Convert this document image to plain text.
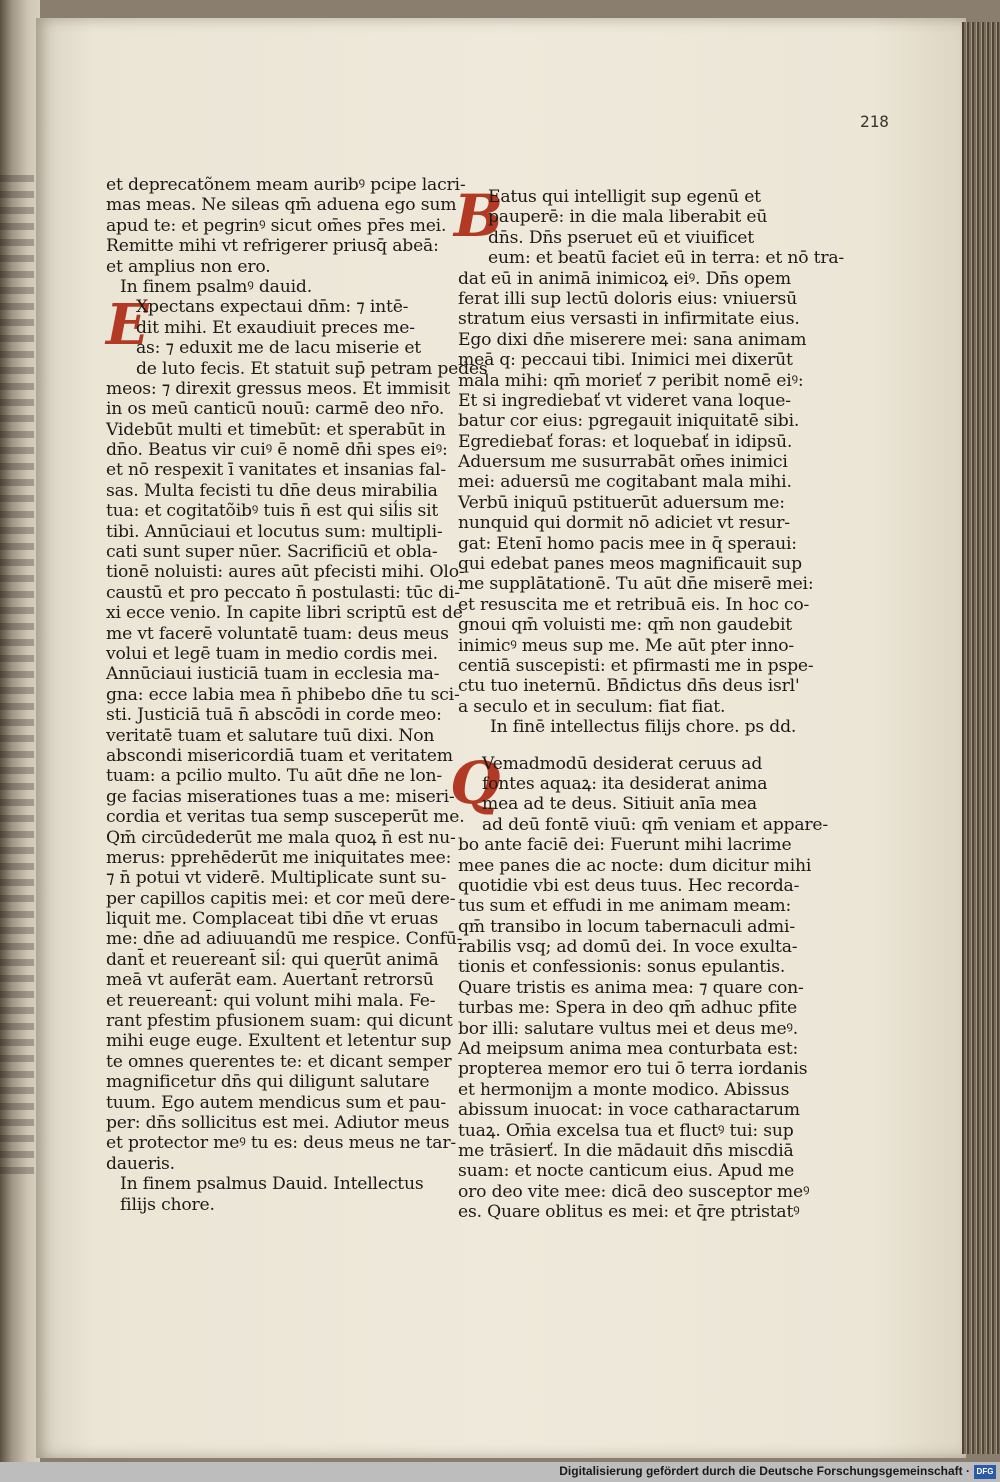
218
et deprecatõnem meam auribꝰ pcipe lacri-
mas meas. Ne sileas qm̄ aduena ego sum
apud te: et pegrinꝰ sicut om̄es pr̄es mei.
Remitte mihi vt refrigerer priusq̄ abeā:
et amplius non ero.
In finem psalmꝰ dauid.
E
Xpectans expectaui dn̄m: ⁊ intē-
dit mihi. Et exaudiuit preces me-
as: ⁊ eduxit me de lacu miserie et
de luto fecis. Et statuit sup̄ petram pedes
meos: ⁊ direxit gressus meos. Et immisit
in os meū canticū nouū: carmē deo nr̄o.
Videbūt multi et timebūt: et sperabūt in
dn̄o. Beatus vir cuiꝰ ē nomē dn̄i spes eiꝰ:
et nō respexit ī vanitates et insanias fal-
sas. Multa fecisti tu dn̄e deus mirabilia
tua: et cogitatõibꝰ tuis n̄ est qui siĺis sit
tibi. Annūciaui et locutus sum: multipli-
cati sunt super nūer. Sacrificiū et obla-
tionē noluisti: aures aūt pfecisti mihi. Olo-
caustū et pro peccato n̄ postulasti: tūc di-
xi ecce venio. In capite libri scriptū est de
me vt facerē voluntatē tuam: deus meus
volui et legē tuam in medio cordis mei.
Annūciaui iusticiā tuam in ecclesia ma-
gna: ecce labia mea n̄ phibebo dn̄e tu sci-
sti. Justiciā tuā n̄ abscōdi in corde meo:
veritatē tuam et salutare tuū dixi. Non
abscondi misericordiā tuam et veritatem
tuam: a pcilio multo. Tu aūt dn̄e ne lon-
ge facias miserationes tuas a me: miseri-
cordia et veritas tua semp susceperūt me.
Qm̄ circūdederūt me mala quoꝝ n̄ est nu-
merus: pprehēderūt me iniquitates mee:
⁊ n̄ potui vt viderē. Multiplicate sunt su-
per capillos capitis mei: et cor meū dere-
liquit me. Complaceat tibi dn̄e vt eruas
me: dn̄e ad adiuuandū me respice. Confū-
dant̄ et reuereant̄ siĺ: qui querūt animā
meā vt auferāt eam. Auertant̄ retrorsū
et reuereant̄: qui volunt mihi mala. Fe-
rant pfestim pfusionem suam: qui dicunt
mihi euge euge. Exultent et letentur sup
te omnes querentes te: et dicant semper
magnificetur dn̄s qui diligunt salutare
tuum. Ego autem mendicus sum et pau-
per: dn̄s sollicitus est mei. Adiutor meus
et protector meꝰ tu es: deus meus ne tar-
daueris.
In finem psalmus Dauid. Intellectus
filijs chore.
B
Eatus qui intelligit sup egenū et
pauperē: in die mala liberabit eū
dn̄s. Dn̄s pseruet eū et viuificet
eum: et beatū faciet eū in terra: et nō tra-
dat eū in animā inimicoꝝ eiꝰ. Dn̄s opem
ferat illi sup lectū doloris eius: vniuersū
stratum eius versasti in infirmitate eius.
Ego dixi dn̄e miserere mei: sana animam
meā q: peccaui tibi. Inimici mei dixerūt
mala mihi: qm̄ morieť ⁊ peribit nomē eiꝰ:
Et si ingrediebať vt videret vana loque-
batur cor eius: pgregauit iniquitatē sibi.
Egrediebať foras: et loquebať in idipsū.
Aduersum me susurrabāt om̄es inimici
mei: aduersū me cogitabant mala mihi.
Verbū iniquū pstituerūt aduersum me:
nunquid qui dormit nō adiciet vt resur-
gat: Etenī homo pacis mee in q̄ speraui:
qui edebat panes meos magnificauit sup
me supplātationē. Tu aūt dn̄e miserē mei:
et resuscita me et retribuā eis. In hoc co-
gnoui qm̄ voluisti me: qm̄ non gaudebit
inimicꝰ meus sup me. Me aūt pter inno-
centiā suscepisti: et pfirmasti me in pspe-
ctu tuo ineternū. Bn̄dictus dn̄s deus isrl'
a seculo et in seculum: fiat fiat.
In finē intellectus filijs chore. ps dd.
Q
Vemadmodū desiderat ceruus ad
fontes aquaꝝ: ita desiderat anima
mea ad te deus. Sitiuit anīa mea
ad deū fontē viuū: qm̄ veniam et appare-
bo ante faciē dei: Fuerunt mihi lacrime
mee panes die ac nocte: dum dicitur mihi
quotidie vbi est deus tuus. Hec recorda-
tus sum et effudi in me animam meam:
qm̄ transibo in locum tabernaculi admi-
rabilis vsq; ad domū dei. In voce exulta-
tionis et confessionis: sonus epulantis.
Quare tristis es anima mea: ⁊ quare con-
turbas me: Spera in deo qm̄ adhuc pfite
bor illi: salutare vultus mei et deus meꝰ.
Ad meipsum anima mea conturbata est:
propterea memor ero tui ō terra iordanis
et hermonijm a monte modico. Abissus
abissum inuocat: in voce catharactarum
tuaꝝ. Om̄ia excelsa tua et fluctꝰ tui: sup
me trāsierť. In die mādauit dn̄s miscdiā
suam: et nocte canticum eius. Apud me
oro deo vite mee: dicā deo susceptor meꝰ
es. Quare oblitus es mei: et q̄re ptristatꝰ
Digitalisierung gefördert durch die Deutsche Forschungsgemeinschaft · DFG
